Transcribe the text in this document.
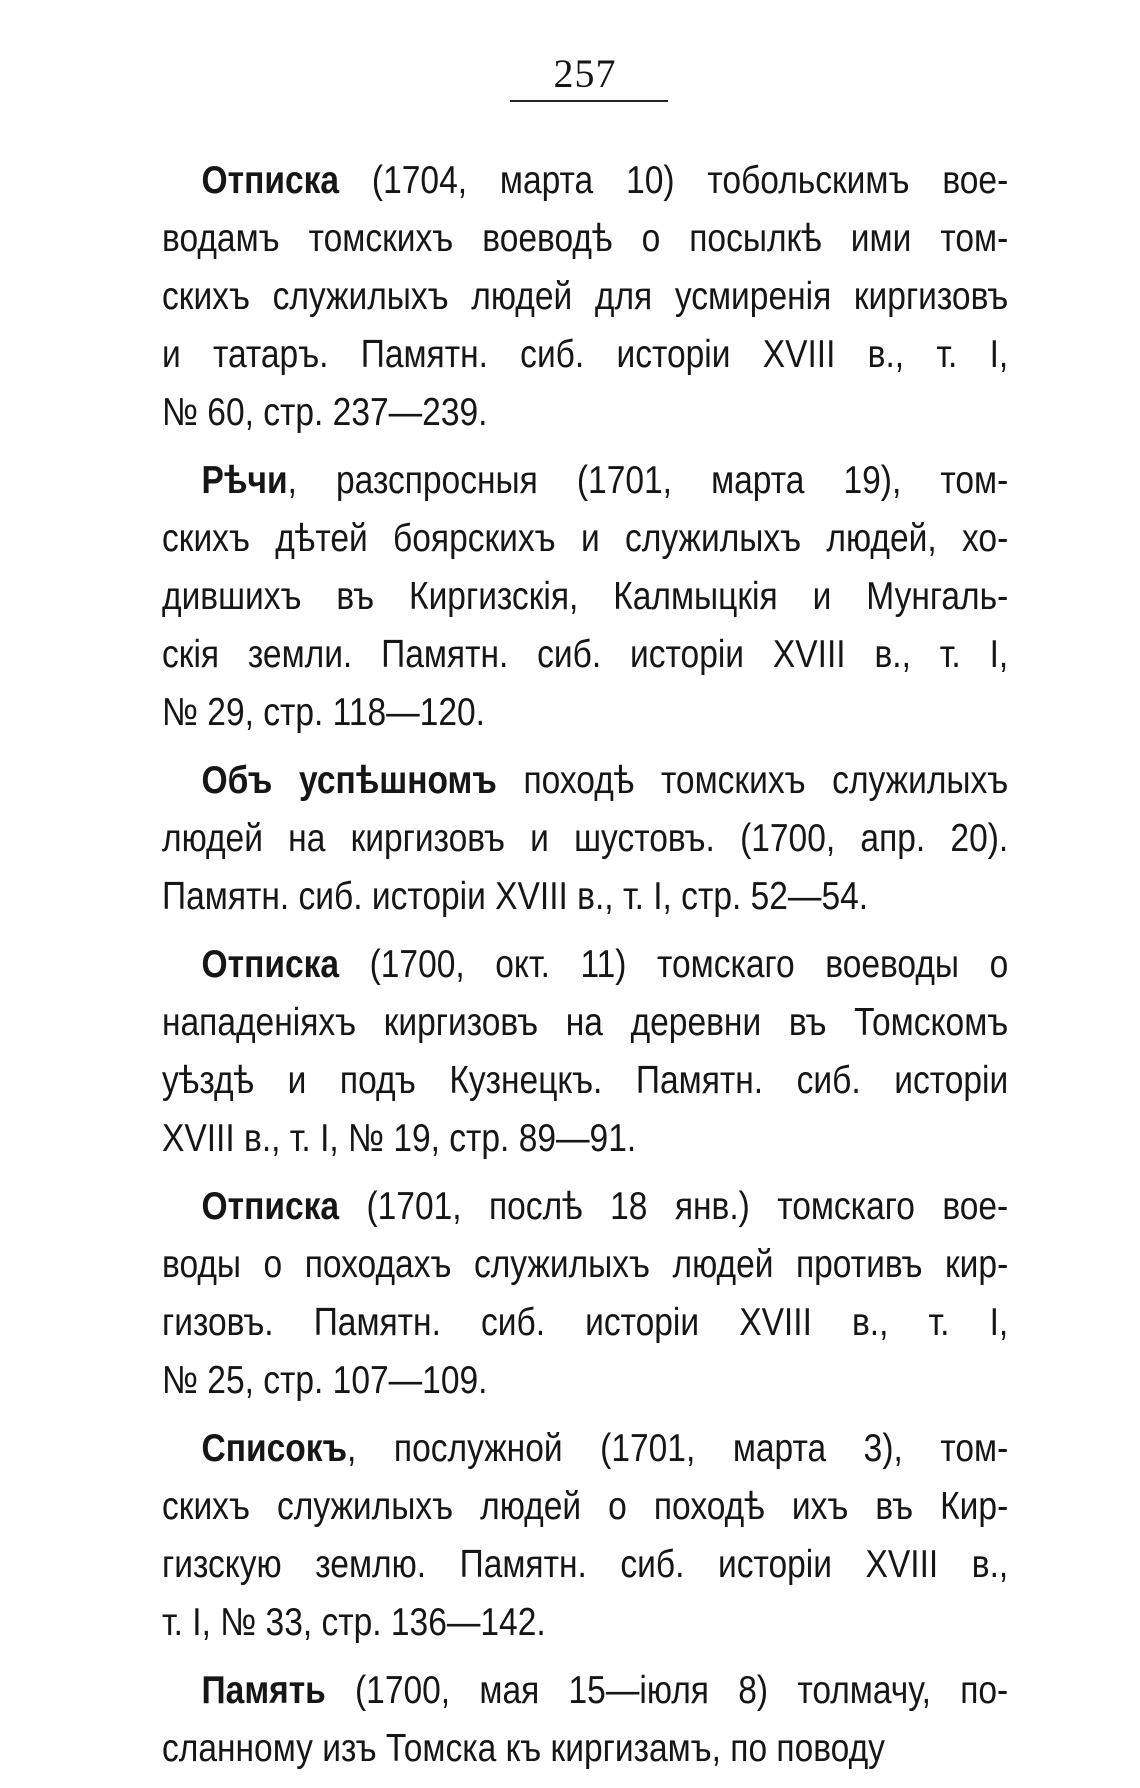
257
Отписка (1704, марта 10) тобольскимъ вое-
водамъ томскихъ воеводѣ о посылкѣ ими том-
скихъ служилыхъ людей для усмиренія киргизовъ
и татаръ. Памятн. сиб. исторіи XVIII в., т. I,
№ 60, стр. 237—239.
Рѣчи, разспросныя (1701, марта 19), том-
скихъ дѣтей боярскихъ и служилыхъ людей, хо-
дившихъ въ Киргизскія, Калмыцкія и Мунгаль-
скія земли. Памятн. сиб. исторіи XVIII в., т. I,
№ 29, стр. 118—120.
Объ успѣшномъ походѣ томскихъ служилыхъ
людей на киргизовъ и шустовъ. (1700, апр. 20).
Памятн. сиб. исторіи XVIII в., т. I, стр. 52—54.
Отписка (1700, окт. 11) томскаго воеводы о
нападеніяхъ киргизовъ на деревни въ Томскомъ
уѣздѣ и подъ Кузнецкъ. Памятн. сиб. исторіи
XVIII в., т. I, № 19, стр. 89—91.
Отписка (1701, послѣ 18 янв.) томскаго вое-
воды о походахъ служилыхъ людей противъ кир-
гизовъ. Памятн. сиб. исторіи XVIII в., т. I,
№ 25, стр. 107—109.
Списокъ, послужной (1701, марта 3), том-
скихъ служилыхъ людей о походѣ ихъ въ Кир-
гизскую землю. Памятн. сиб. исторіи XVIII в.,
т. I, № 33, стр. 136—142.
Память (1700, мая 15—іюля 8) толмачу, по-
сланному изъ Томска къ киргизамъ, по поводу
